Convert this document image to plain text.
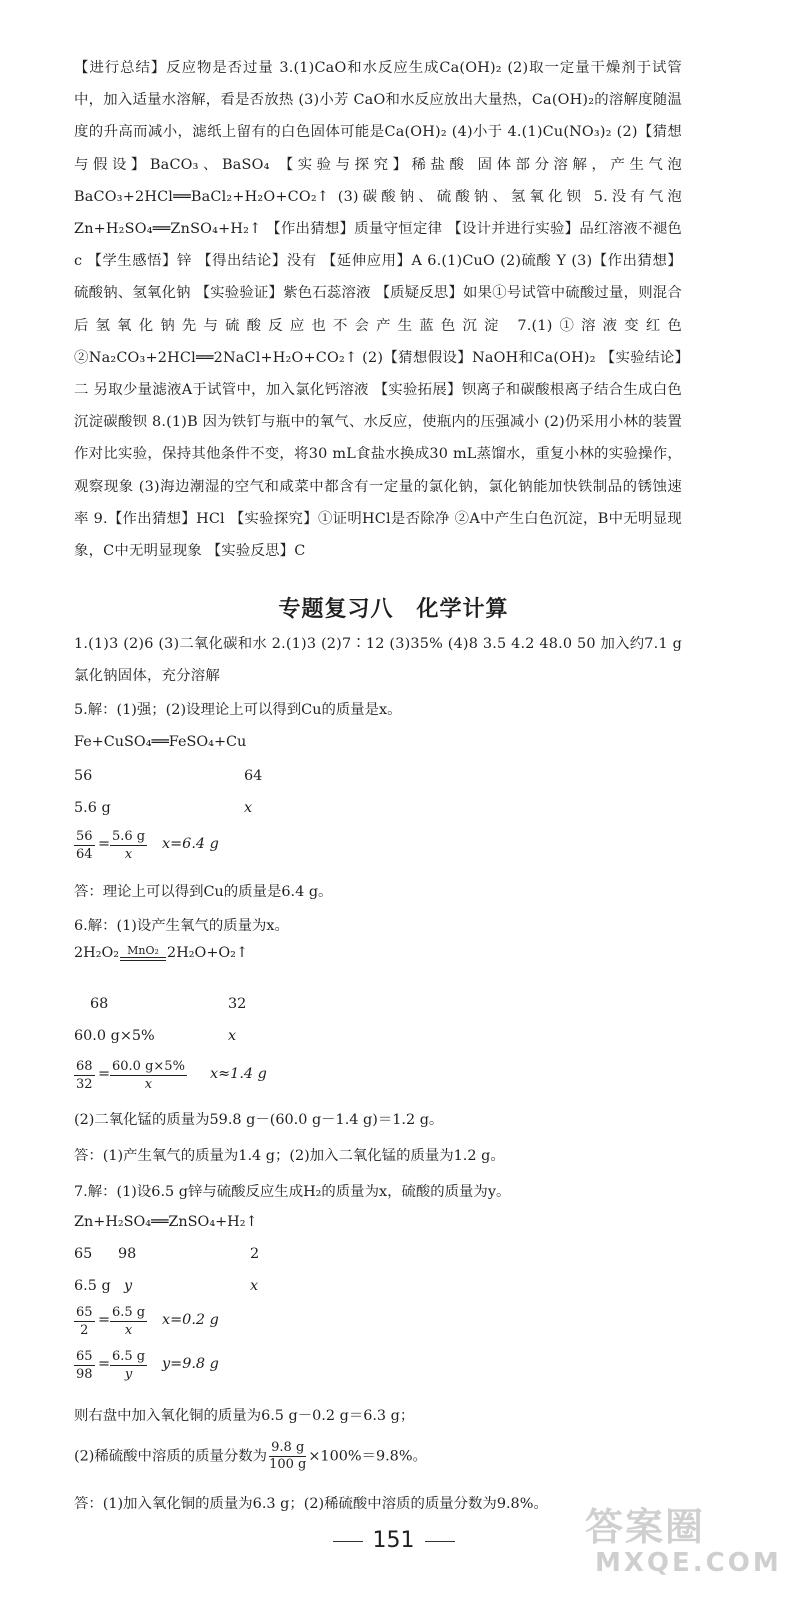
【进行总结】反应物是否过量 3.(1)CaO和水反应生成Ca(OH)₂ (2)取一定量干燥剂于试管中，加入适量水溶解，看是否放热 (3)小芳 CaO和水反应放出大量热，Ca(OH)₂的溶解度随温度的升高而减小，滤纸上留有的白色固体可能是Ca(OH)₂ (4)小于 4.(1)Cu(NO₃)₂ (2)【猜想与假设】BaCO₃、BaSO₄ 【实验与探究】稀盐酸 固体部分溶解，产生气泡 BaCO₃+2HCl══BaCl₂+H₂O+CO₂↑ (3)碳酸钠、硫酸钠、氢氧化钡 5.没有气泡 Zn+H₂SO₄══ZnSO₄+H₂↑ 【作出猜想】质量守恒定律 【设计并进行实验】品红溶液不褪色 c 【学生感悟】锌 【得出结论】没有 【延伸应用】A 6.(1)CuO (2)硫酸 Y (3)【作出猜想】硫酸钠、氢氧化钠 【实验验证】紫色石蕊溶液 【质疑反思】如果①号试管中硫酸过量，则混合后氢氧化钠先与硫酸反应也不会产生蓝色沉淀 7.(1)①溶液变红色 ②Na₂CO₃+2HCl══2NaCl+H₂O+CO₂↑ (2)【猜想假设】NaOH和Ca(OH)₂ 【实验结论】二 另取少量滤液A于试管中，加入氯化钙溶液 【实验拓展】钡离子和碳酸根离子结合生成白色沉淀碳酸钡 8.(1)B 因为铁钉与瓶中的氧气、水反应，使瓶内的压强减小 (2)仍采用小林的装置作对比实验，保持其他条件不变，将30 mL食盐水换成30 mL蒸馏水，重复小林的实验操作，观察现象 (3)海边潮湿的空气和咸菜中都含有一定量的氯化钠，氯化钠能加快铁制品的锈蚀速率 9.【作出猜想】HCl 【实验探究】①证明HCl是否除净 ②A中产生白色沉淀，B中无明显现象，C中无明显现象 【实验反思】C
专题复习八　化学计算
1.(1)3 (2)6 (3)二氧化碳和水 2.(1)3 (2)7∶12 (3)35% (4)8 3.5 4.2 48.0 50 加入约7.1 g氯化钠固体，充分溶解
5.解：(1)强；(2)设理论上可以得到Cu的质量是x。
Fe+CuSO₄══FeSO₄+Cu
56	64
5.6 g	x
$\frac{56}{64} = \frac{5.6 g}{x} x=6.4$ g
答：理论上可以得到Cu的质量是6.4 g。
6.解：(1)设产生氧气的质量为x。
2H₂O₂ MnO₂ 2H₂O+O₂↑
68	32
60.0 g×5%	x
$\frac{68}{32} = \frac{60.0 g\times 5\%}{x} x\approx 1.4$ g
(2)二氧化锰的质量为59.8 g－(60.0 g－1.4 g)＝1.2 g。
答：(1)产生氧气的质量为1.4 g；(2)加入二氧化锰的质量为1.2 g。
7.解：(1)设6.5 g锌与硫酸反应生成H₂的质量为x，硫酸的质量为y。
Zn+H₂SO₄══ZnSO₄+H₂↑
65 98	2
6.5 g y	x
$\frac{65}{2} = \frac{6.5 g}{x} x=0.2$ g
$\frac{65}{98} = \frac{6.5 g}{y} y=9.8$ g
则右盘中加入氧化铜的质量为6.5 g－0.2 g＝6.3 g；
(2)稀硫酸中溶质的质量分数为 $\frac{9.8 g}{100 g} \times 100\%=9.8\%$。
答：(1)加入氧化铜的质量为6.3 g；(2)稀硫酸中溶质的质量分数为9.8%。
151	答案圈
MXQE.COM
